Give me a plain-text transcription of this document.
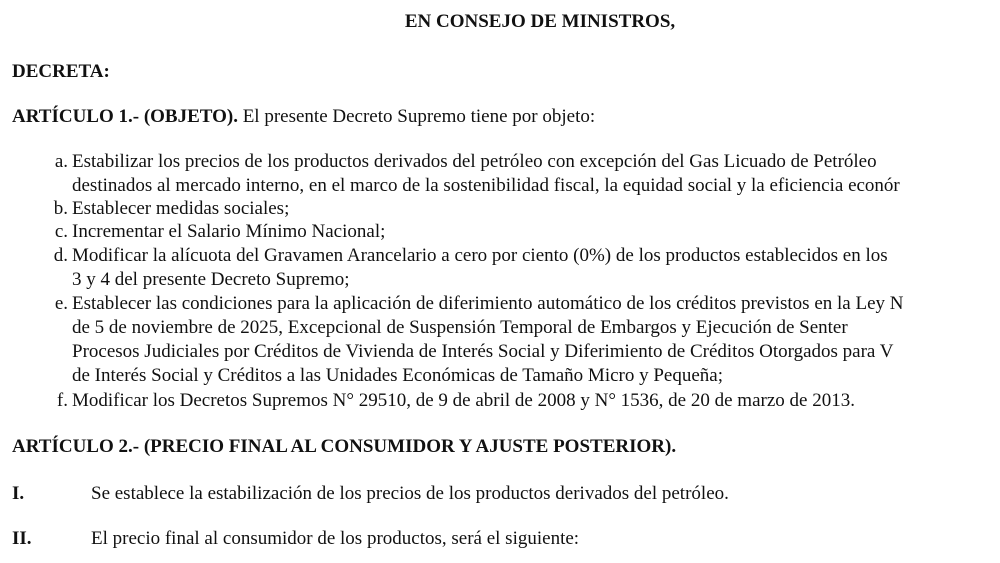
EN CONSEJO DE MINISTROS,
DECRETA:
ARTÍCULO 1.- (OBJETO). El presente Decreto Supremo tiene por objeto:
a. Estabilizar los precios de los productos derivados del petróleo con excepción del Gas Licuado de Petróleo
destinados al mercado interno, en el marco de la sostenibilidad fiscal, la equidad social y la eficiencia econór
b. Establecer medidas sociales;
c. Incrementar el Salario Mínimo Nacional;
d. Modificar la alícuota del Gravamen Arancelario a cero por ciento (0%) de los productos establecidos en los
3 y 4 del presente Decreto Supremo;
e. Establecer las condiciones para la aplicación de diferimiento automático de los créditos previstos en la Ley N
de 5 de noviembre de 2025, Excepcional de Suspensión Temporal de Embargos y Ejecución de Senter
Procesos Judiciales por Créditos de Vivienda de Interés Social y Diferimiento de Créditos Otorgados para V
de Interés Social y Créditos a las Unidades Económicas de Tamaño Micro y Pequeña;
f. Modificar los Decretos Supremos N° 29510, de 9 de abril de 2008 y N° 1536, de 20 de marzo de 2013.
ARTÍCULO 2.- (PRECIO FINAL AL CONSUMIDOR Y AJUSTE POSTERIOR).
I.	Se establece la estabilización de los precios de los productos derivados del petróleo.
II.	El precio final al consumidor de los productos, será el siguiente:
